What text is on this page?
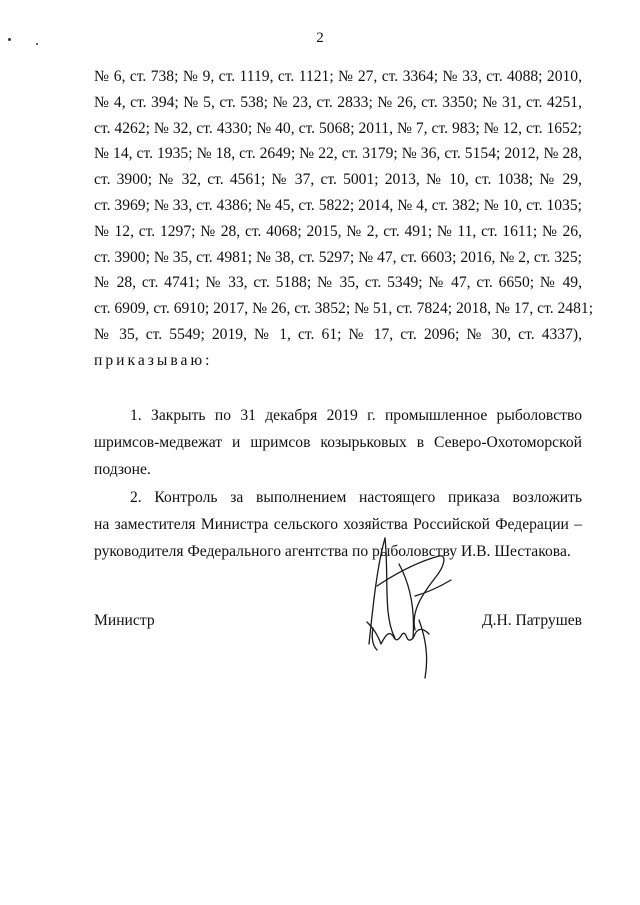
2
№ 6, ст. 738; № 9, ст. 1119, ст. 1121; № 27, ст. 3364; № 33, ст. 4088; 2010,
№ 4, ст. 394; № 5, ст. 538; № 23, ст. 2833; № 26, ст. 3350; № 31, ст. 4251,
ст. 4262; № 32, ст. 4330; № 40, ст. 5068; 2011, № 7, ст. 983; № 12, ст. 1652;
№ 14, ст. 1935; № 18, ст. 2649; № 22, ст. 3179; № 36, ст. 5154; 2012, № 28,
ст. 3900; № 32, ст. 4561; № 37, ст. 5001; 2013, № 10, ст. 1038; № 29,
ст. 3969; № 33, ст. 4386; № 45, ст. 5822; 2014, № 4, ст. 382; № 10, ст. 1035;
№ 12, ст. 1297; № 28, ст. 4068; 2015, № 2, ст. 491; № 11, ст. 1611; № 26,
ст. 3900; № 35, ст. 4981; № 38, ст. 5297; № 47, ст. 6603; 2016, № 2, ст. 325;
№ 28, ст. 4741; № 33, ст. 5188; № 35, ст. 5349; № 47, ст. 6650; № 49,
ст. 6909, ст. 6910; 2017, № 26, ст. 3852; № 51, ст. 7824; 2018, № 17, ст. 2481;
№ 35, ст. 5549; 2019, № 1, ст. 61; № 17, ст. 2096; № 30, ст. 4337),
приказываю:
1. Закрыть по 31 декабря 2019 г. промышленное рыболовство
шримсов-медвежат и шримсов козырьковых в Северо-Охотоморской
подзоне.
2. Контроль за выполнением настоящего приказа возложить
на заместителя Министра сельского хозяйства Российской Федерации –
руководителя Федерального агентства по рыболовству И.В. Шестакова.
Министр	Д.Н. Патрушев
